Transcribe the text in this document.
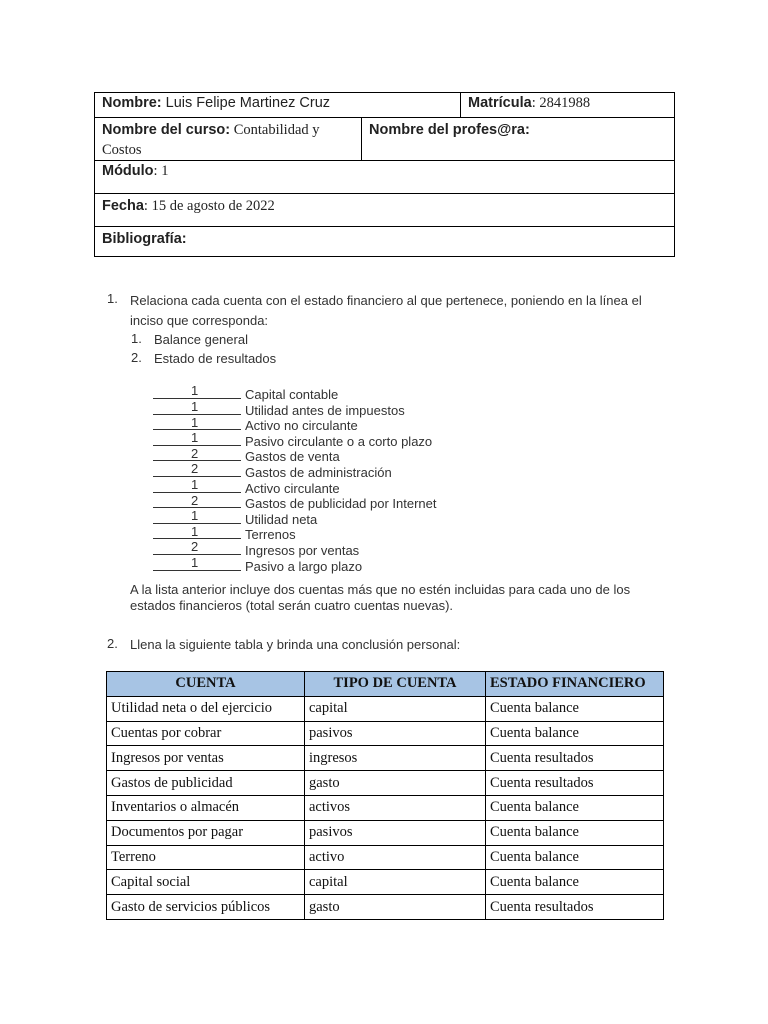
Nombre: Luis Felipe Martinez Cruz		Matrícula: 2841988
Nombre del curso: Contabilidad y Costos	Nombre del profes@ra:	
Módulo: 1		
Fecha: 15 de agosto de 2022		
Bibliografía:		
1. Relaciona cada cuenta con el estado financiero al que pertenece, poniendo en la línea el inciso que corresponda:
1. Balance general
2. Estado de resultados
1	Capital contable
1	Utilidad antes de impuestos
1	Activo no circulante
1	Pasivo circulante o a corto plazo
2	Gastos de venta
2	Gastos de administración
1	Activo circulante
2	Gastos de publicidad por Internet
1	Utilidad neta
1	Terrenos
2	Ingresos por ventas
1	Pasivo a largo plazo
A la lista anterior incluye dos cuentas más que no estén incluidas para cada uno de los estados financieros (total serán cuatro cuentas nuevas).
2. Llena la siguiente tabla y brinda una conclusión personal:
CUENTA	TIPO DE CUENTA	ESTADO FINANCIERO
Utilidad neta o del ejercicio	capital	Cuenta balance
Cuentas por cobrar	pasivos	Cuenta balance
Ingresos por ventas	ingresos	Cuenta resultados
Gastos de publicidad	gasto	Cuenta resultados
Inventarios o almacén	activos	Cuenta balance
Documentos por pagar	pasivos	Cuenta balance
Terreno	activo	Cuenta balance
Capital social	capital	Cuenta balance
Gasto de servicios públicos	gasto	Cuenta resultados
